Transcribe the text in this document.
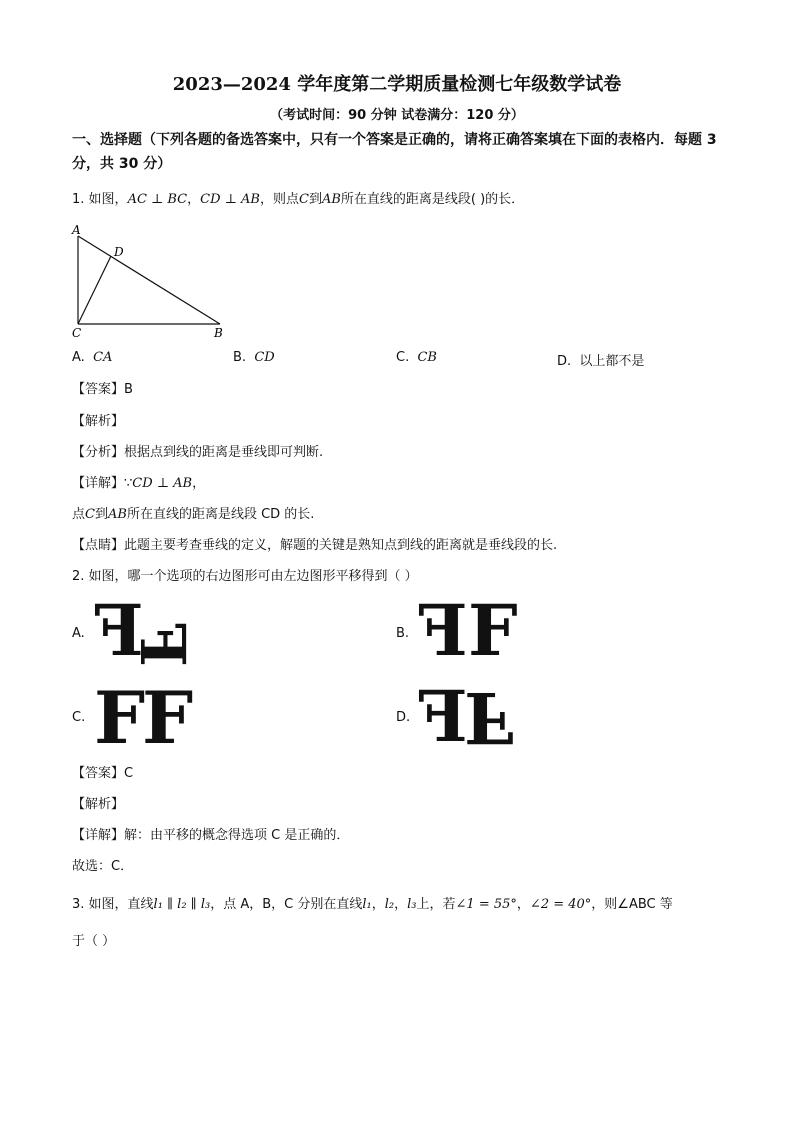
2023—2024 学年度第二学期质量检测七年级数学试卷
（考试时间：90 分钟 试卷满分：120 分）
一、选择题（下列各题的备选答案中，只有一个答案是正确的，请将正确答案填在下面的表格内．每题 3 分，共 30 分）
1. 如图，AC ⊥ BC，CD ⊥ AB，则点C到AB所在直线的距离是线段( )的长．
A
D
C	B
A. CA	B. CD	C. CB	D. 以上都不是
【答案】B
【解析】
【分析】根据点到线的距离是垂线即可判断.
【详解】∵CD ⊥ AB，
点C到AB所在直线的距离是线段 CD 的长.
【点睛】此题主要考查垂线的定义，解题的关键是熟知点到线的距离就是垂线段的长.
2. 如图，哪一个选项的右边图形可由左边图形平移得到（ ）
A. F
F	B. F F
C. F
F	D. F
F
【答案】C
【解析】
【详解】解：由平移的概念得选项 C 是正确的．
故选：C．
3. 如图，直线l₁ ∥ l₂ ∥ l₃，点 A，B，C 分别在直线l₁，l₂，l₃上，若∠1 = 55°，∠2 = 40°，则∠ABC 等
于（ ）
